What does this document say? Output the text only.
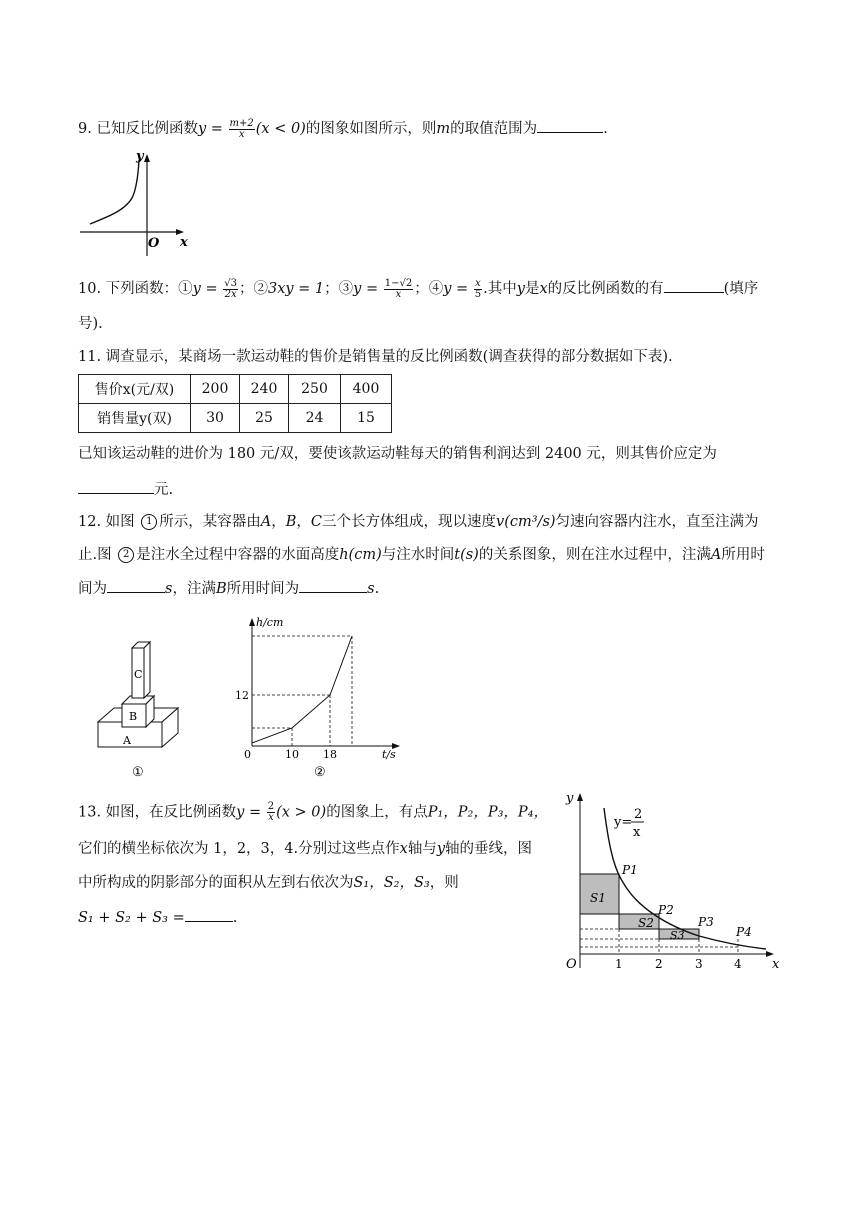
9. 已知反比例函数$y = \frac{m+2}{x} (x < 0)$的图象如图所示，则m的取值范围为	.
y
x
O
10. 下列函数：①y = $\frac{√3}{2x}$ ；②3xy = 1；③y = $\frac{1-√2}{x}$ ；④y = $\frac{x}{5}$ .其中y是x的反比例函数的有	(填序
号).
11. 调查显示，某商场一款运动鞋的售价是销售量的反比例函数(调查获得的部分数据如下表).
售价x(元/双)	200	240	250	400
销售量y(双)	30	25	24	15
已知该运动鞋的进价为 180 元/双，要使该款运动鞋每天的销售利润达到 2400 元，则其售价应定为
元.
12. 如图 1 所示，某容器由A，B，C三个长方体组成，现以速度v(cm³/s)匀速向容器内注水，直至注满为
止.图 2 是注水全过程中容器的水面高度h(cm)与注水时间t(s)的关系图象，则在注水过程中，注满A所用时
间为	s，注满B所用时间为	s.
C
B
A
①
h/cm
t/s
12
0	10 18
②
13. 如图，在反比例函数$y = \frac{2}{x} (x > 0)$的图象上，有点P₁，P₂，P₃，P₄，
它们的横坐标依次为 1，2，3，4.分别过这些点作x轴与y轴的垂线，图
中所构成的阴影部分的面积从左到右依次为S₁，S₂，S₃，则
S₁ + S₂ + S₃ =	.
y
x
O
y=
2
x
P1
P2
P3
P4
S1
S2
S3
1	2	3	4
